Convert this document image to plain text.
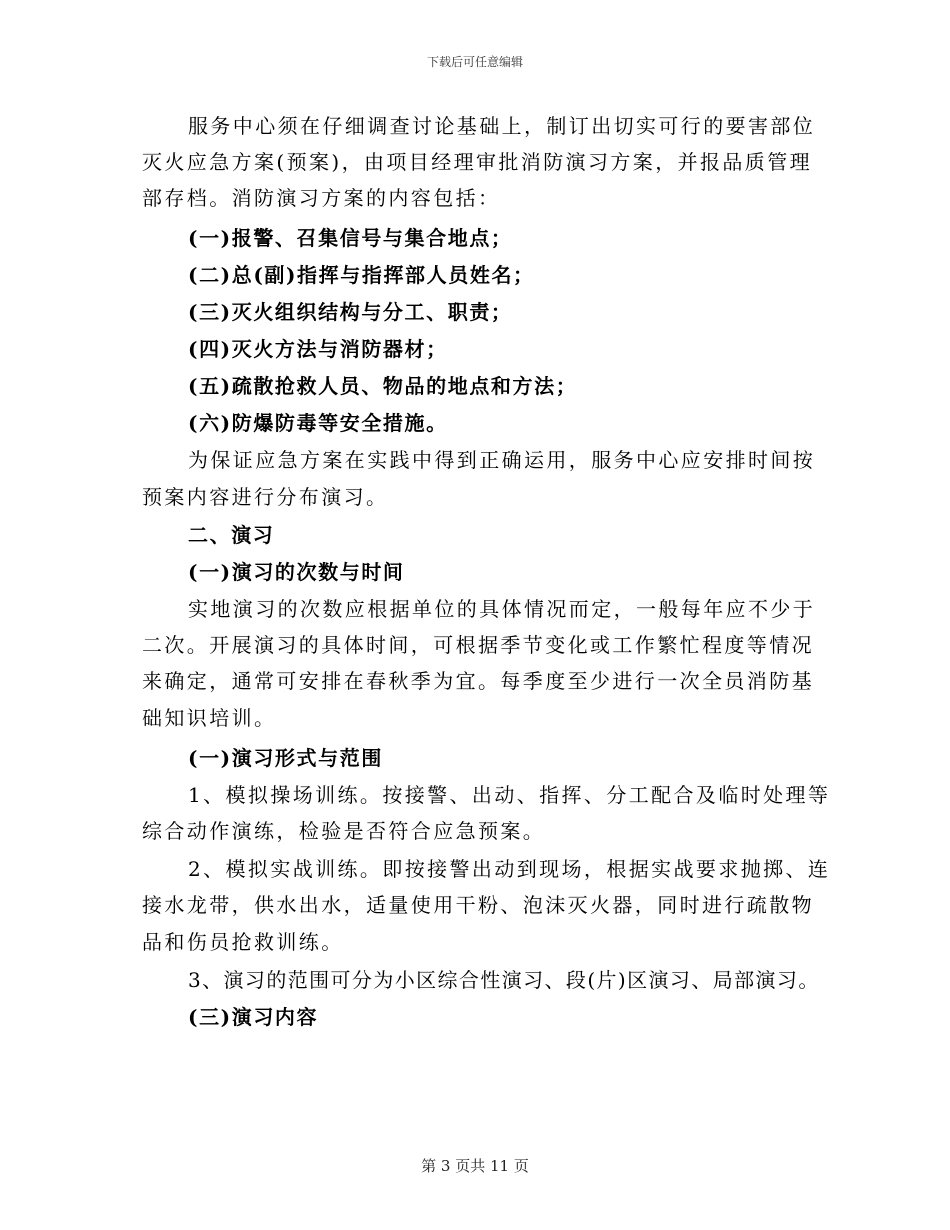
下载后可任意编辑
服务中心须在仔细调查讨论基础上，制订出切实可行的要害部位
灭火应急方案(预案)，由项目经理审批消防演习方案，并报品质管理
部存档。消防演习方案的内容包括：
(一)报警、召集信号与集合地点；
(二)总(副)指挥与指挥部人员姓名；
(三)灭火组织结构与分工、职责；
(四)灭火方法与消防器材；
(五)疏散抢救人员、物品的地点和方法；
(六)防爆防毒等安全措施。
为保证应急方案在实践中得到正确运用，服务中心应安排时间按
预案内容进行分布演习。
二、演习
(一)演习的次数与时间
实地演习的次数应根据单位的具体情况而定，一般每年应不少于
二次。开展演习的具体时间，可根据季节变化或工作繁忙程度等情况
来确定，通常可安排在春秋季为宜。每季度至少进行一次全员消防基
础知识培训。
(一)演习形式与范围
1、模拟操场训练。按接警、出动、指挥、分工配合及临时处理等
综合动作演练，检验是否符合应急预案。
2、模拟实战训练。即按接警出动到现场，根据实战要求抛掷、连
接水龙带，供水出水，适量使用干粉、泡沫灭火器，同时进行疏散物
品和伤员抢救训练。
3、演习的范围可分为小区综合性演习、段(片)区演习、局部演习。
(三)演习内容
第 3 页共 11 页
